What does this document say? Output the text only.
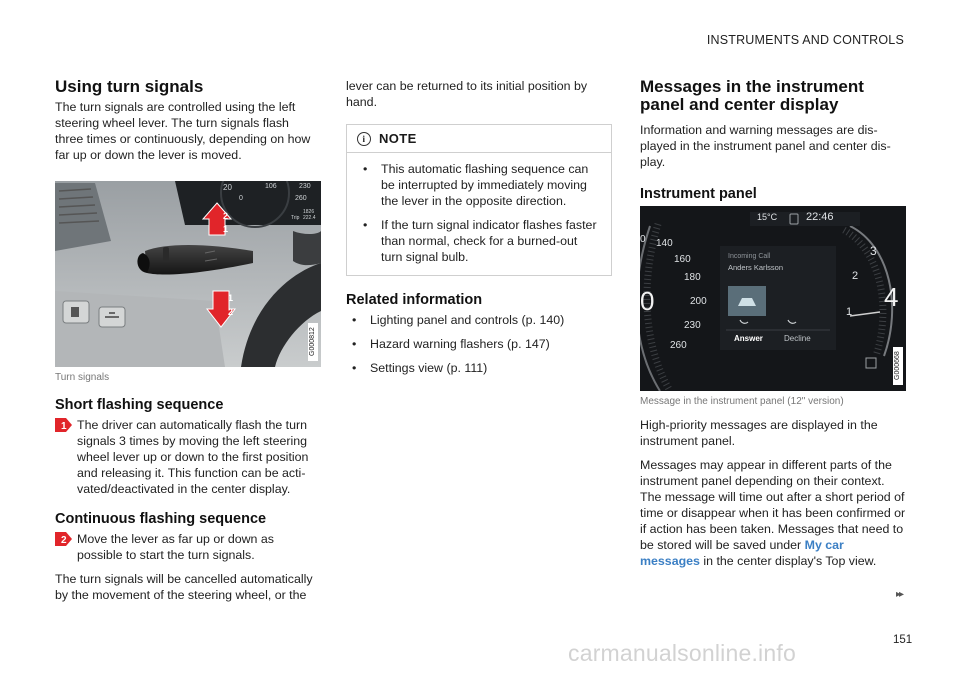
INSTRUMENTS AND CONTROLS
Using turn signals

The turn signals are controlled using the left steering wheel lever. The turn signals flash three times or continuously, depending on how far up or down the lever is moved.

20	106	230
0	260
Trip
1826
222.4
2
1
1
2
G000812
Turn signals
Short flashing sequence
1 The driver can automatically flash the turn signals 3 times by moving the left steering wheel lever up or down to the first position and releasing it. This function can be acti-vated/deactivated in the center display.

Continuous flashing sequence
2 Move the lever as far up or down as possible to start the turn signals.

The turn signals will be cancelled automatically by the movement of the steering wheel, or the

lever can be returned to its initial position by hand.

i	NOTE
• This automatic flashing sequence can be interrupted by immediately moving the lever in the opposite direction.
• If the turn signal indicator flashes faster than normal, check for a burned-out turn signal bulb.
Related information
• Lighting panel and controls (p. 140)
• Hazard warning flashers (p. 147)
• Settings view (p. 111)
Messages in the instrument panel and center display

Information and warning messages are dis-played in the instrument panel and center dis-play.

Instrument panel
15°C	22:46
140
160
180
200
230
260
0
0
Incoming Call
Anders Karlsson
Answer	Decline
3
2
1 4
G000668
Message in the instrument panel (12" version)

High-priority messages are displayed in the instrument panel.

Messages may appear in different parts of the instrument panel depending on their context. The message will time out after a short period of time or disappear when it has been confirmed or if action has been taken. Messages that need to be stored will be saved under My car messages in the center display's Top view.

▸▸
151
carmanualsonline.info
